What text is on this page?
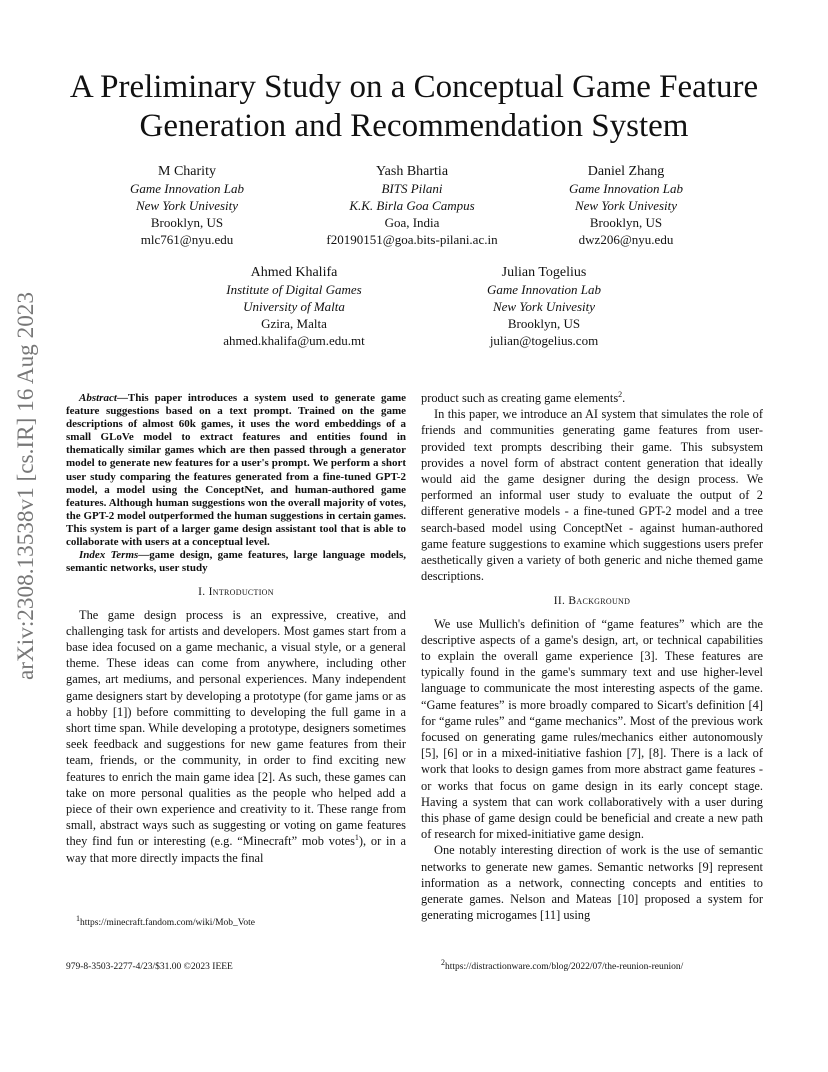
arXiv:2308.13538v1 [cs.IR] 16 Aug 2023
A Preliminary Study on a Conceptual Game Feature
Generation and Recommendation System
M Charity
Game Innovation Lab
New York Univesity
Brooklyn, US
mlc761@nyu.edu
Yash Bhartia
BITS Pilani
K.K. Birla Goa Campus
Goa, India
f20190151@goa.bits-pilani.ac.in
Daniel Zhang
Game Innovation Lab
New York Univesity
Brooklyn, US
dwz206@nyu.edu
Ahmed Khalifa
Institute of Digital Games
University of Malta
Gzira, Malta
ahmed.khalifa@um.edu.mt
Julian Togelius
Game Innovation Lab
New York Univesity
Brooklyn, US
julian@togelius.com

Abstract—This paper introduces a system used to generate game feature suggestions based on a text prompt. Trained on the game descriptions of almost 60k games, it uses the word embeddings of a small GLoVe model to extract features and entities found in thematically similar games which are then passed through a generator model to generate new features for a user's prompt. We perform a short user study comparing the features generated from a fine-tuned GPT-2 model, a model using the ConceptNet, and human-authored game features. Although human suggestions won the overall majority of votes, the GPT-2 model outperformed the human suggestions in certain games. This system is part of a larger game design assistant tool that is able to collaborate with users at a conceptual level.

Index Terms—game design, game features, large language models, semantic networks, user study

I. Introduction

The game design process is an expressive, creative, and challenging task for artists and developers. Most games start from a base idea focused on a game mechanic, a visual style, or a general theme. These ideas can come from anywhere, including other games, art mediums, and personal experiences. Many independent game designers start by developing a prototype (for game jams or as a hobby [1]) before committing to developing the full game in a short time span. While developing a prototype, designers sometimes seek feedback and suggestions for new game features from their team, friends, or the community, in order to find exciting new features to enrich the main game idea [2]. As such, these games can take on more personal qualities as the people who helped add a piece of their own experience and creativity to it. These range from small, abstract ways such as suggesting or voting on game features they find fun or interesting (e.g. “Minecraft” mob votes$^1$), or in a way that more directly impacts the final

product such as creating game elements$^2$.

In this paper, we introduce an AI system that simulates the role of friends and communities generating game features from user-provided text prompts describing their game. This subsystem provides a novel form of abstract content generation that ideally would aid the game designer during the design process. We performed an informal user study to evaluate the output of 2 different generative models - a fine-tuned GPT-2 model and a tree search-based model using ConceptNet - against human-authored game feature suggestions to examine which suggestions users prefer aesthetically given a variety of both generic and niche themed game descriptions.

II. Background

We use Mullich's definition of “game features” which are the descriptive aspects of a game's design, art, or technical capabilities to explain the overall game experience [3]. These features are typically found in the game's summary text and use higher-level language to communicate the most interesting aspects of the game. “Game features” is more broadly compared to Sicart's definition [4] for “game rules” and “game mechanics”. Most of the previous work focused on generating game rules/mechanics either autonomously [5], [6] or in a mixed-initiative fashion [7], [8]. There is a lack of work that looks to design games from more abstract game features - or works that focus on game design in its early concept stage. Having a system that can work collaboratively with a user during this phase of game design could be beneficial and create a new path of research for mixed-initiative game design.

One notably interesting direction of work is the use of semantic networks to generate new games. Semantic networks [9] represent information as a network, connecting concepts and entities to generate games. Nelson and Mateas [10] proposed a system for generating microgames [11] using

$^1$https://minecraft.fandom.com/wiki/Mob_Vote
979-8-3503-2277-4/23/$31.00 ©2023 IEEE	$^2$https://distractionware.com/blog/2022/07/the-reunion-reunion/
